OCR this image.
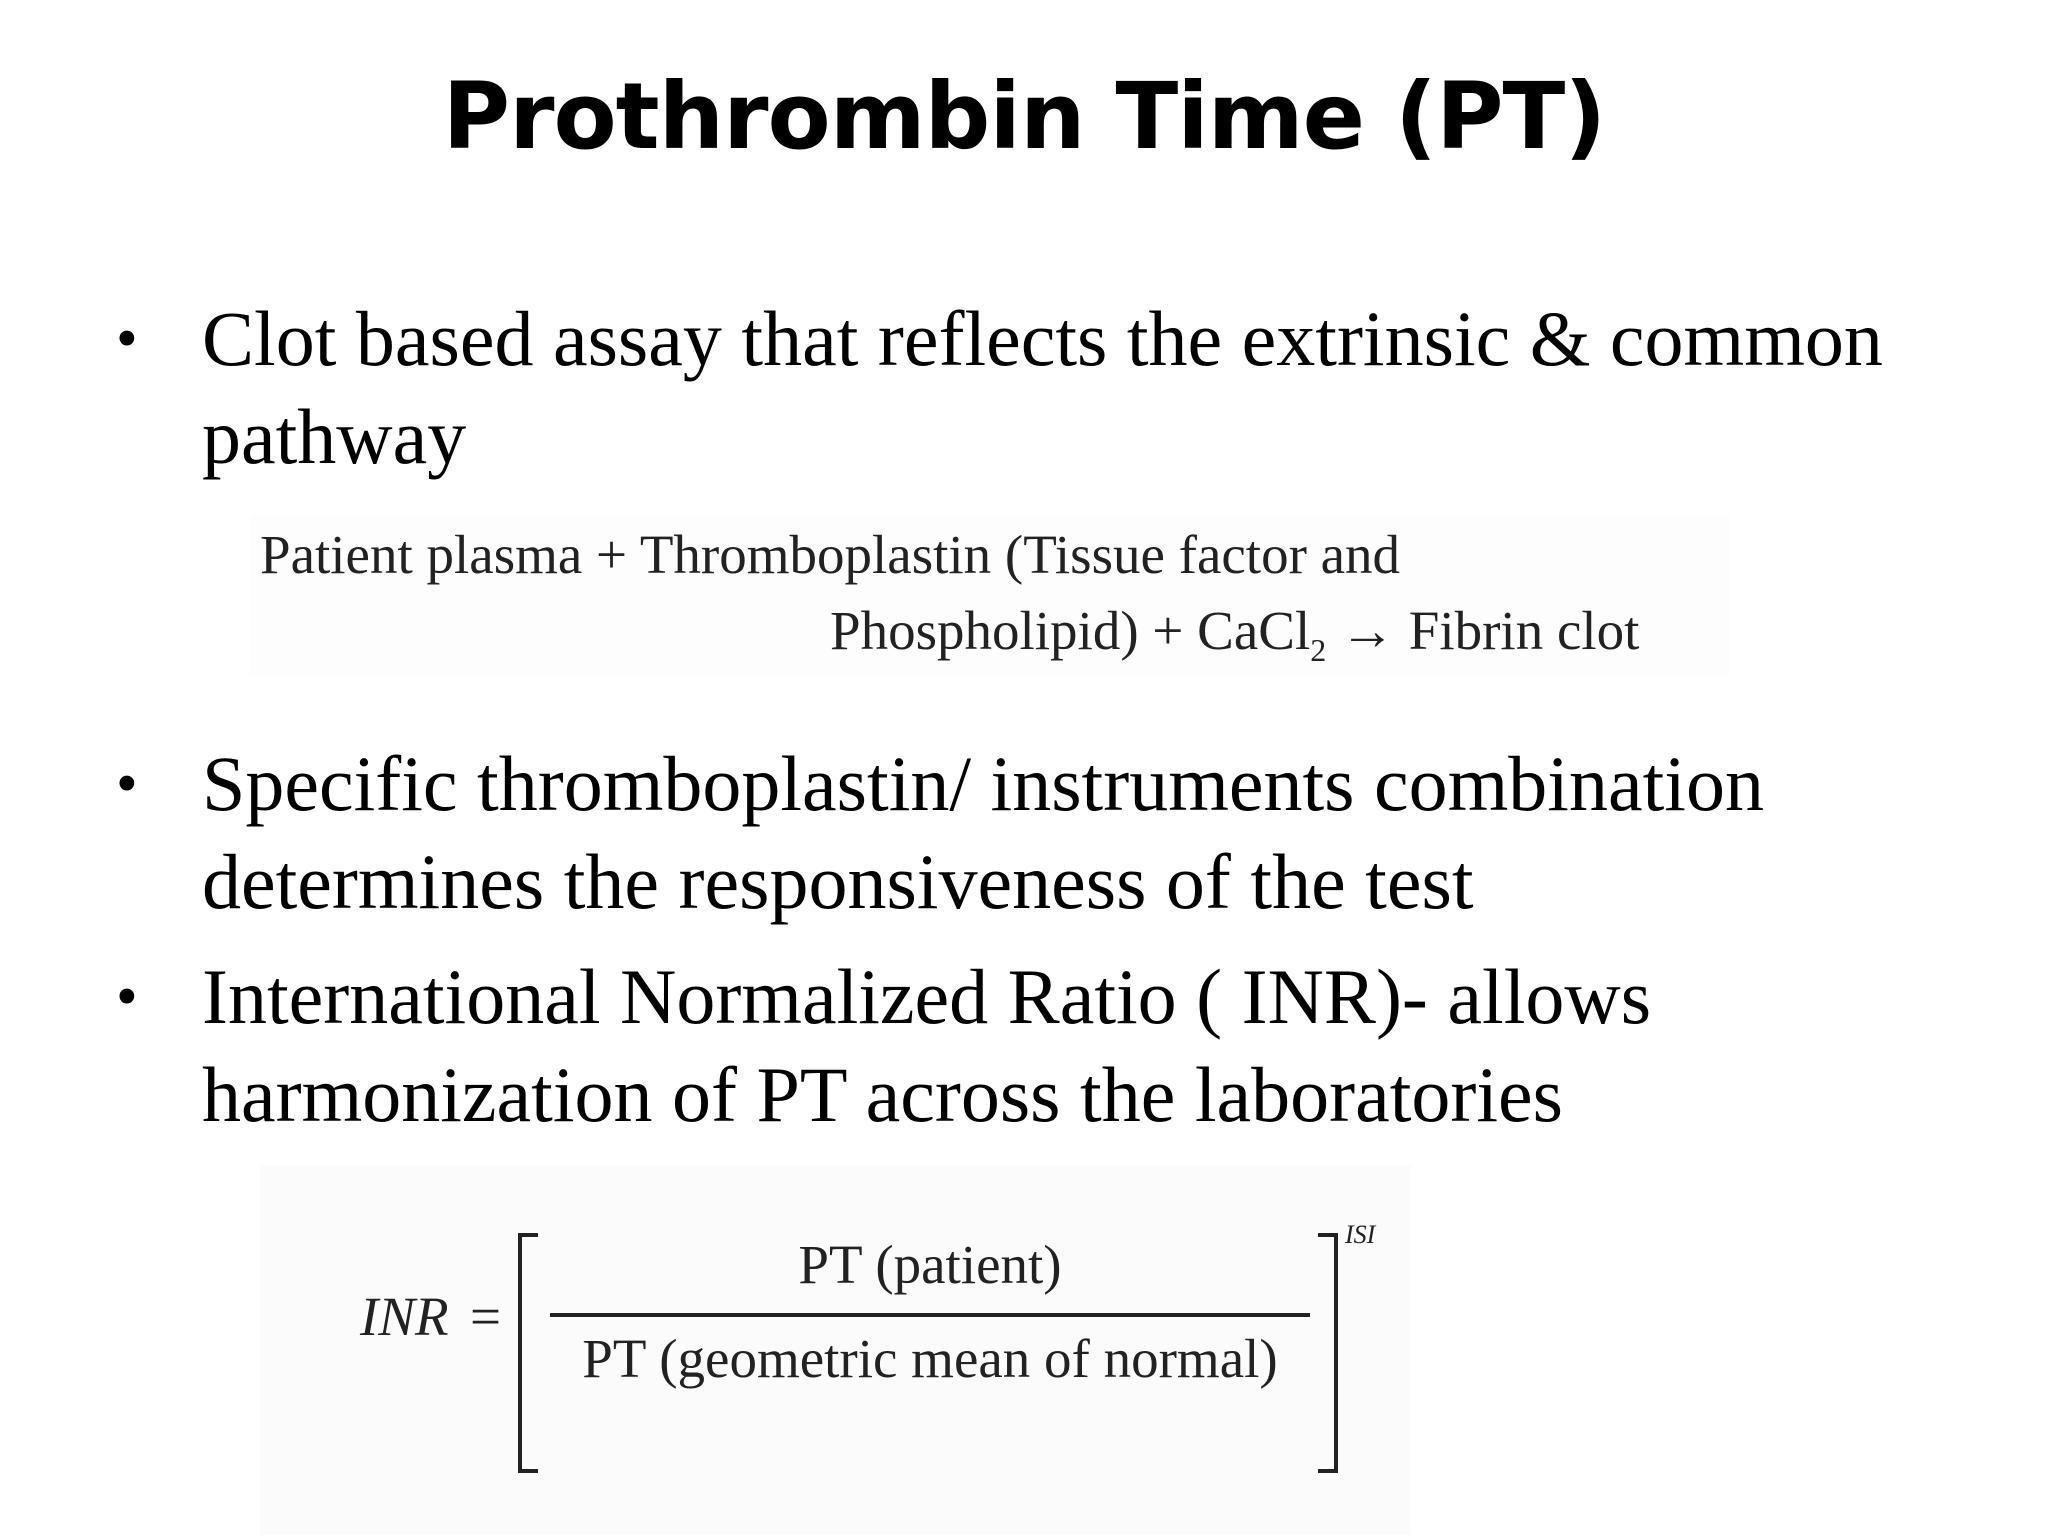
Prothrombin Time (PT)
• Clot based assay that reflects the extrinsic & common pathway
Patient plasma + Thromboplastin (Tissue factor and
Phospholipid) + CaCl$_2$ → Fibrin clot
• Specific thromboplastin/ instruments combination determines the responsiveness of the test
• International Normalized Ratio ( INR)- allows harmonization of PT across the laboratories
INR =
PT (patient)
PT (geometric mean of normal)
ISI
